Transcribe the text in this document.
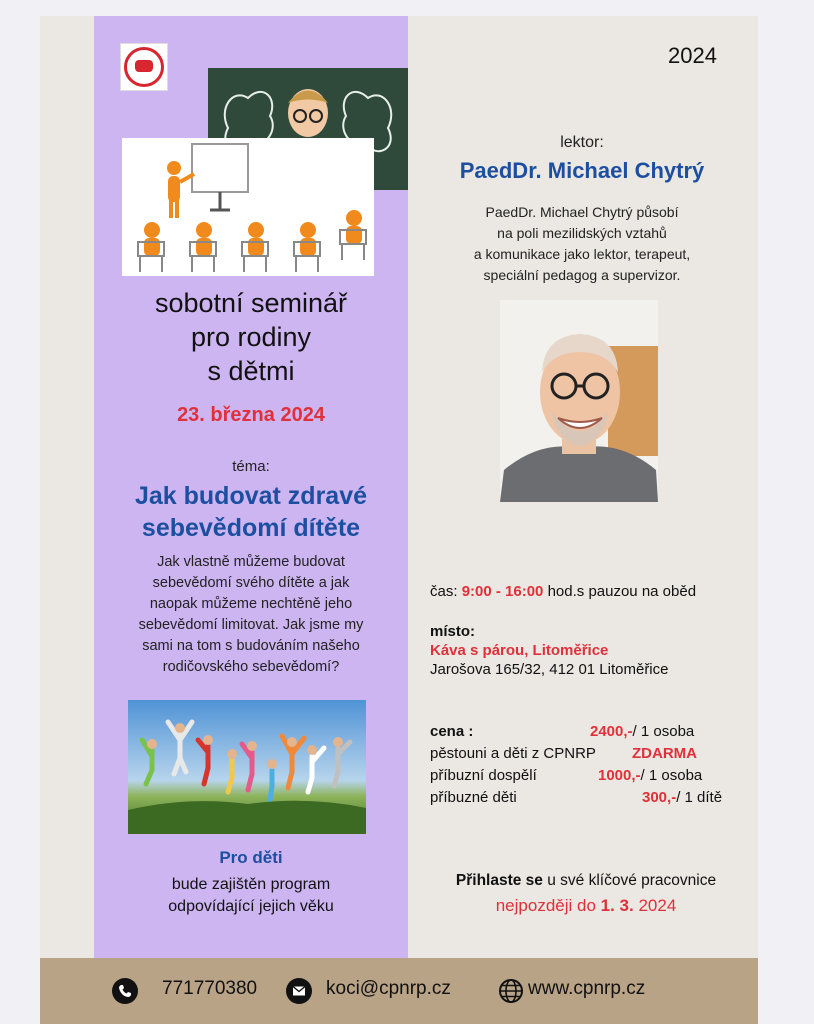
2024
lektor:
PaedDr. Michael Chytrý
PaedDr. Michael Chytrý působí
na poli mezilidských vztahů
a komunikace jako lektor, terapeut,
speciální pedagog a supervizor.
sobotní seminář
pro rodiny
s dětmi
23. března 2024
téma:
Jak budovat zdravé
sebevědomí dítěte
Jak vlastně můžeme budovat
sebevědomí svého dítěte a jak
naopak můžeme nechtěně jeho
sebevědomí limitovat. Jak jsme my
sami na tom s budováním našeho
rodičovského sebevědomí?
Pro děti
bude zajištěn program
odpovídající jejich věku
čas: 9:00 - 16:00 hod.s pauzou na oběd
místo:
Káva s párou, Litoměřice
Jarošova 165/32, 412 01 Litoměřice
cena :	2400,-/ 1 osoba
pěstouni a děti z CPNRP ZDARMA
příbuzní dospělí	1000,-/ 1 osoba
příbuzné děti	300,-/ 1 dítě
Přihlaste se u své klíčové pracovnice
nejpozději do 1. 3. 2024
771770380	koci@cpnrp.cz	www.cpnrp.cz
